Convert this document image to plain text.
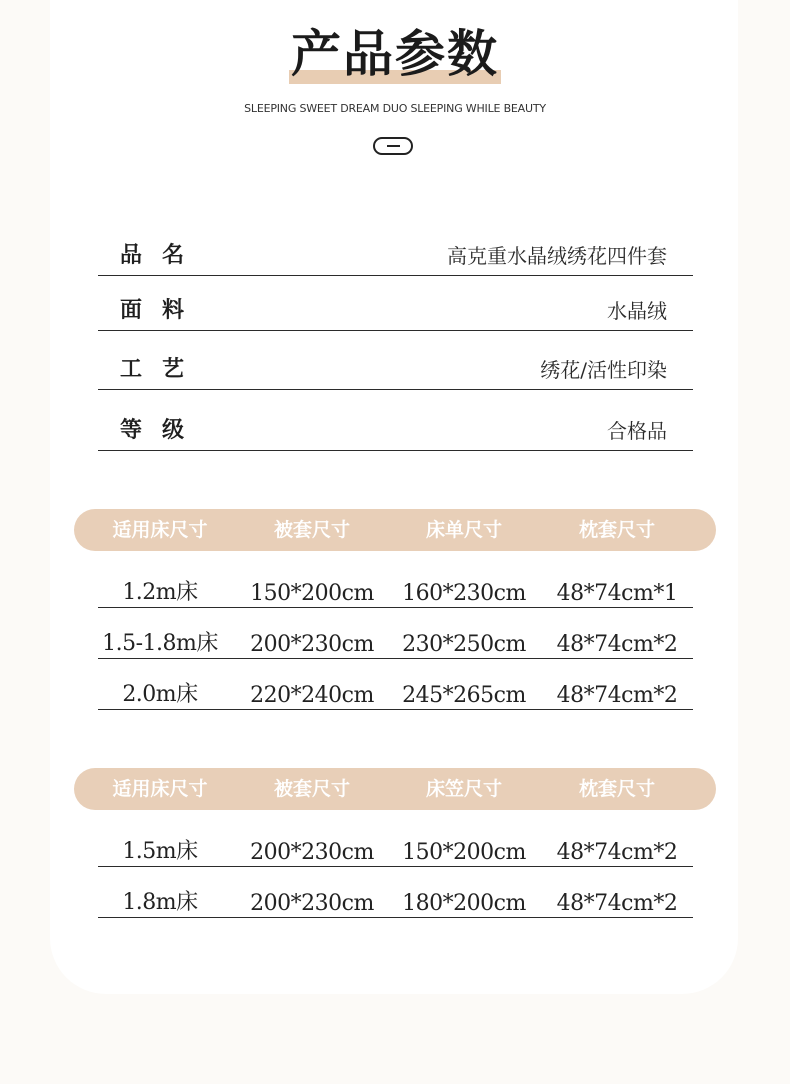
产品参数
SLEEPING SWEET DREAM DUO SLEEPING WHILE BEAUTY
品名	高克重水晶绒绣花四件套
面料	水晶绒
工艺	绣花/活性印染
等级	合格品
适用床尺寸	被套尺寸	床单尺寸	枕套尺寸
1.2m床	150*200cm	160*230cm	48*74cm*1
1.5-1.8m床	200*230cm	230*250cm	48*74cm*2
2.0m床	220*240cm	245*265cm	48*74cm*2
适用床尺寸	被套尺寸	床笠尺寸	枕套尺寸
1.5m床	200*230cm	150*200cm	48*74cm*2
1.8m床	200*230cm	180*200cm	48*74cm*2
